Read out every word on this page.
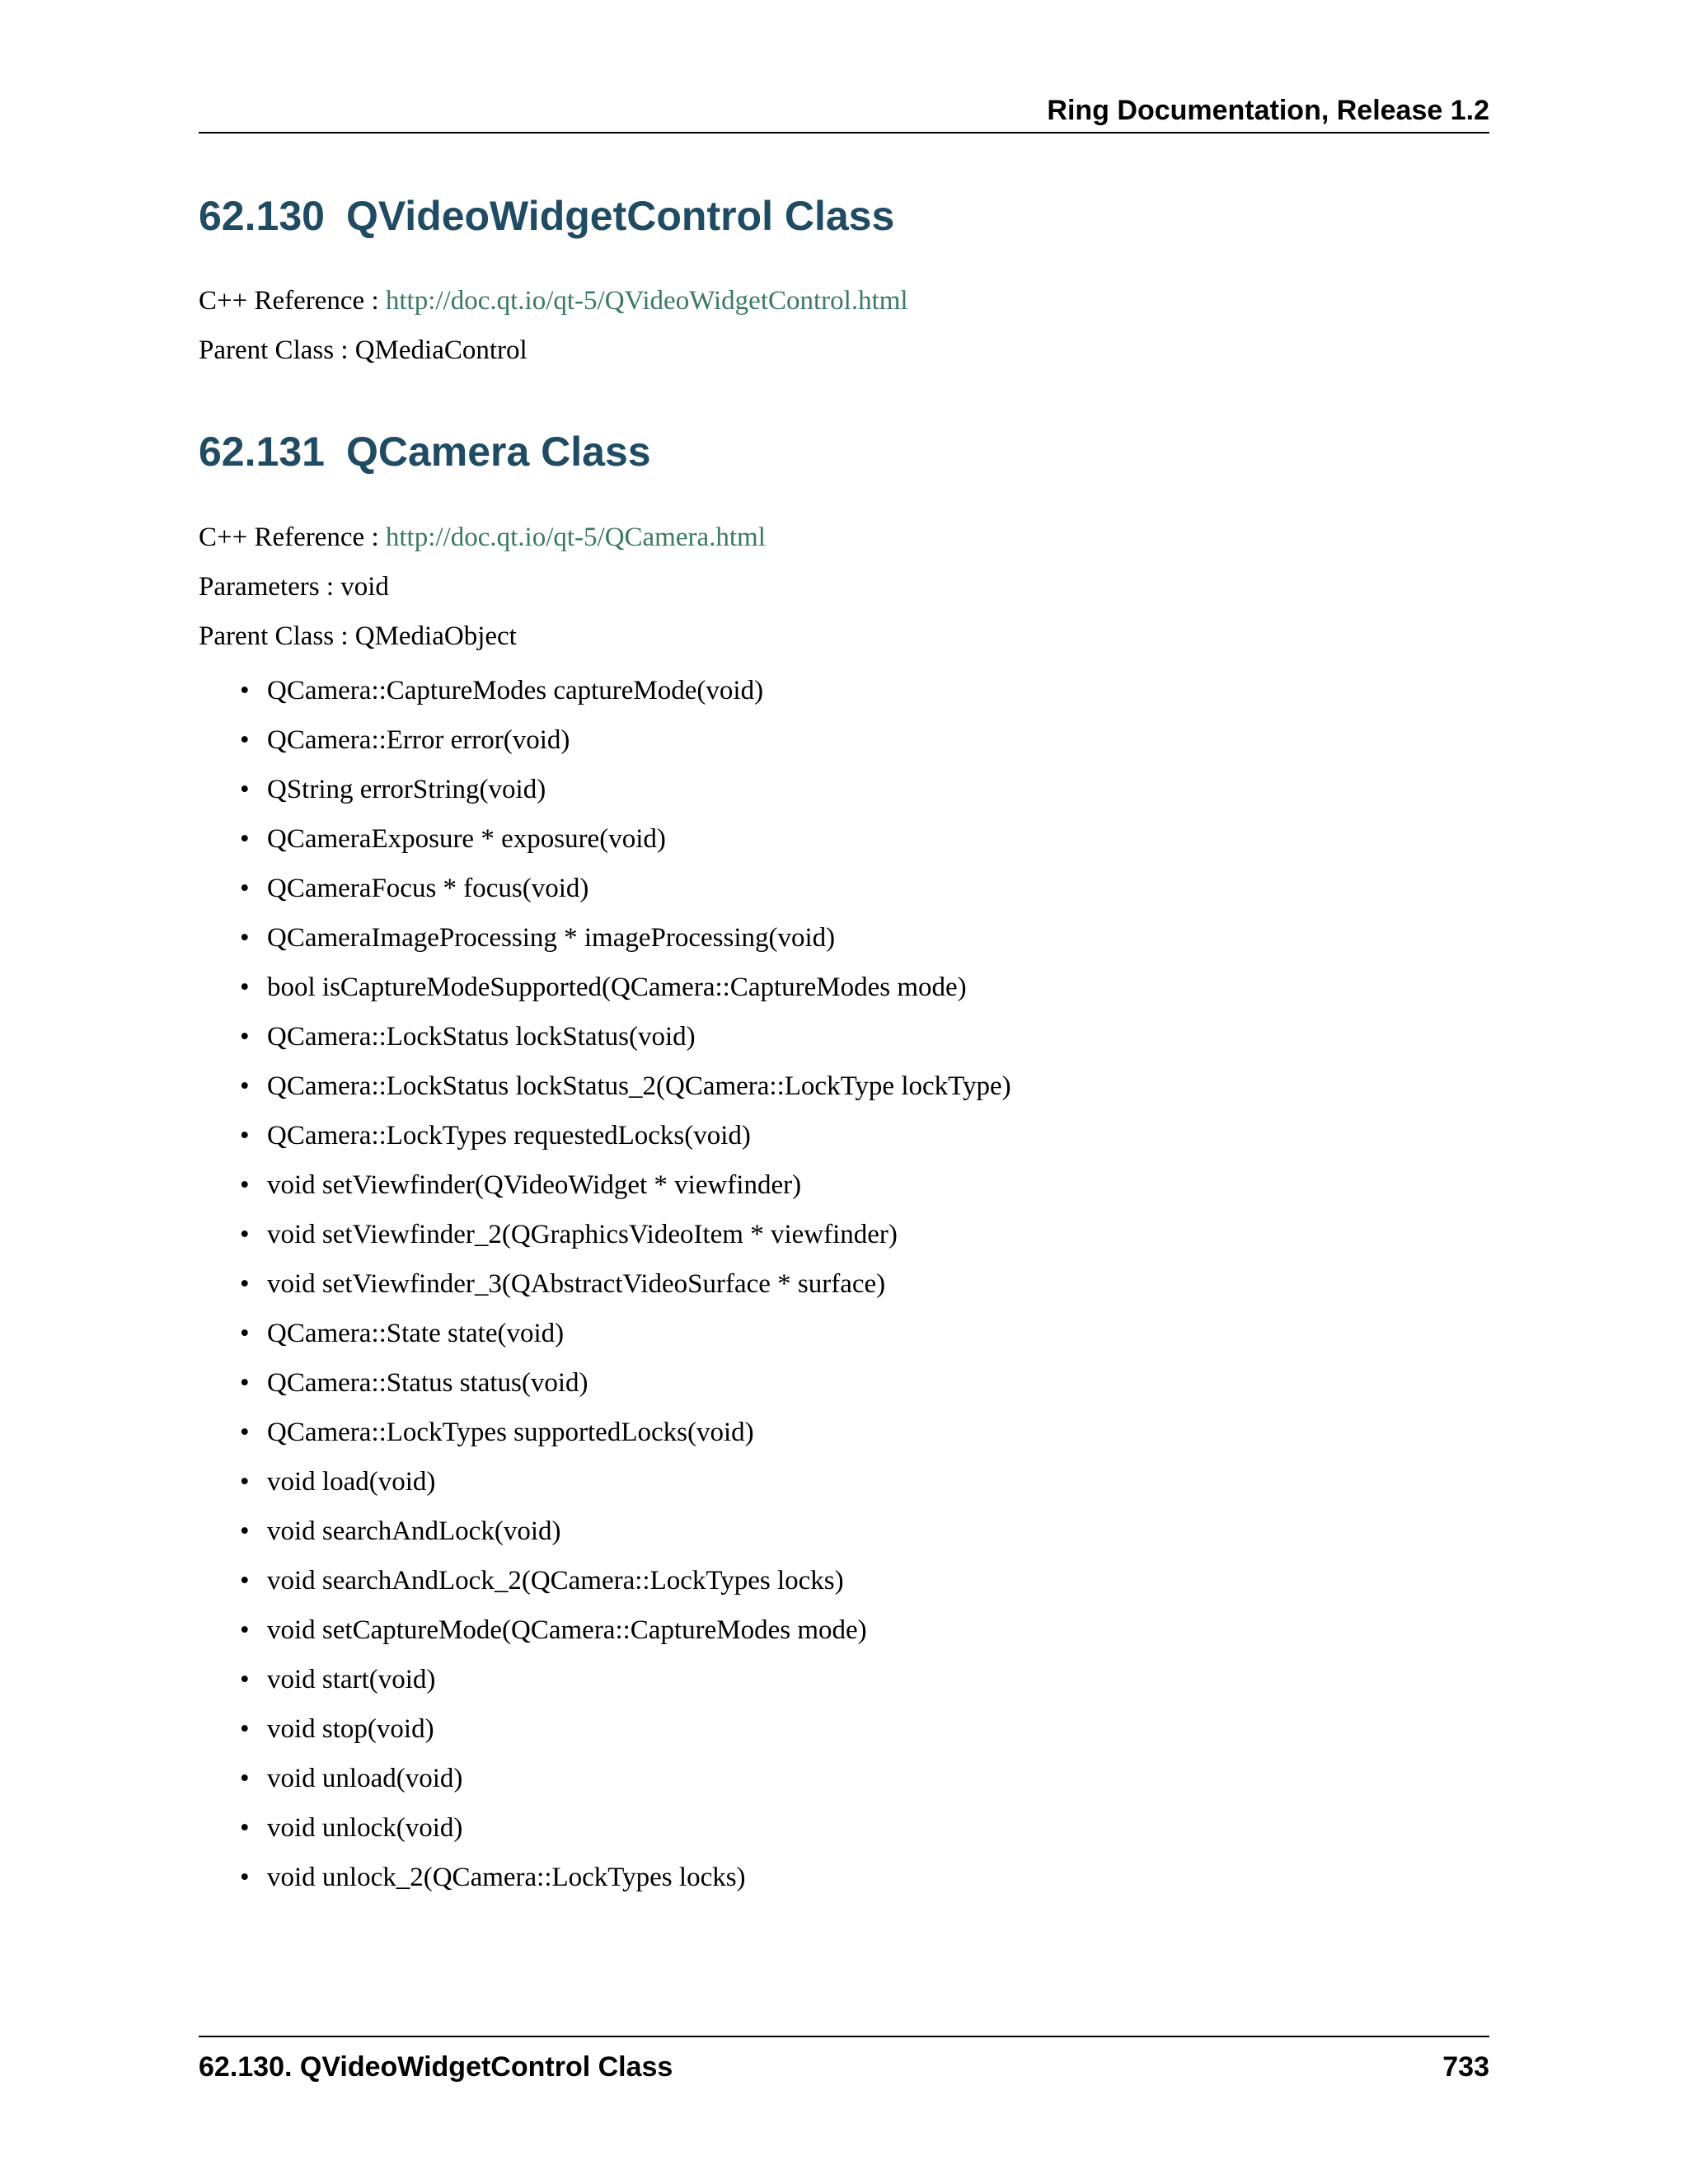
Ring Documentation, Release 1.2
62.130 QVideoWidgetControl Class
C++ Reference : http://doc.qt.io/qt-5/QVideoWidgetControl.html
Parent Class : QMediaControl
62.131 QCamera Class
C++ Reference : http://doc.qt.io/qt-5/QCamera.html
Parameters : void
Parent Class : QMediaObject
• QCamera::CaptureModes captureMode(void)
• QCamera::Error error(void)
• QString errorString(void)
• QCameraExposure * exposure(void)
• QCameraFocus * focus(void)
• QCameraImageProcessing * imageProcessing(void)
• bool isCaptureModeSupported(QCamera::CaptureModes mode)
• QCamera::LockStatus lockStatus(void)
• QCamera::LockStatus lockStatus_2(QCamera::LockType lockType)
• QCamera::LockTypes requestedLocks(void)
• void setViewfinder(QVideoWidget * viewfinder)
• void setViewfinder_2(QGraphicsVideoItem * viewfinder)
• void setViewfinder_3(QAbstractVideoSurface * surface)
• QCamera::State state(void)
• QCamera::Status status(void)
• QCamera::LockTypes supportedLocks(void)
• void load(void)
• void searchAndLock(void)
• void searchAndLock_2(QCamera::LockTypes locks)
• void setCaptureMode(QCamera::CaptureModes mode)
• void start(void)
• void stop(void)
• void unload(void)
• void unlock(void)
• void unlock_2(QCamera::LockTypes locks)
62.130. QVideoWidgetControl Class	733
